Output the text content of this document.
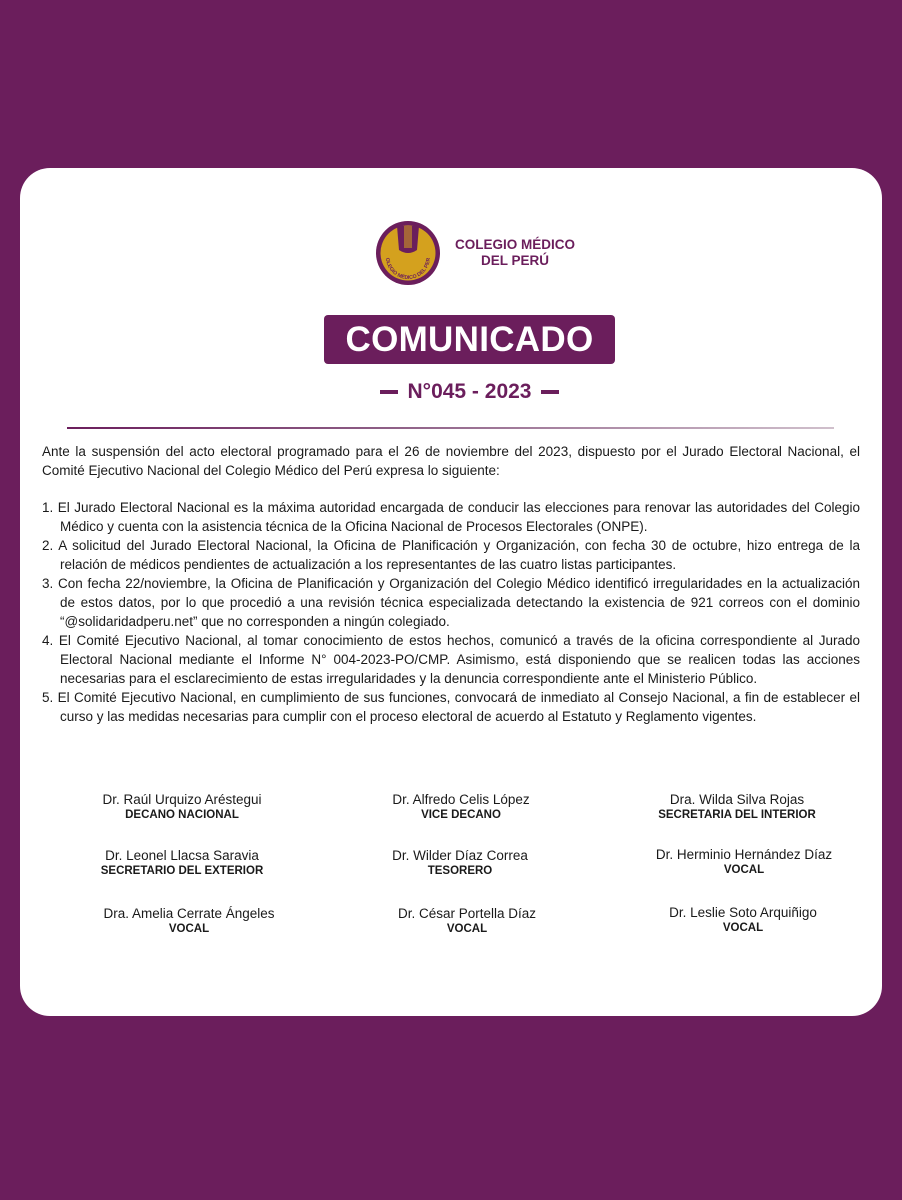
OLEGIO MÉDICO DEL PER
COLEGIO MÉDICO
DEL PERÚ
COMUNICADO
N°045 - 2023

Ante la suspensión del acto electoral programado para el 26 de noviembre del 2023, dispuesto por el Jurado Electoral Nacional, el Comité Ejecutivo Nacional del Colegio Médico del Perú expresa lo siguiente:

1. El Jurado Electoral Nacional es la máxima autoridad encargada de conducir las elecciones para renovar las autoridades del Colegio Médico y cuenta con la asistencia técnica de la Oficina Nacional de Procesos Electorales (ONPE).
2. A solicitud del Jurado Electoral Nacional, la Oficina de Planificación y Organización, con fecha 30 de octubre, hizo entrega de la relación de médicos pendientes de actualización a los representantes de las cuatro listas participantes.
3. Con fecha 22/noviembre, la Oficina de Planificación y Organización del Colegio Médico identificó irregularidades en la actualización de estos datos, por lo que procedió a una revisión técnica especializada detectando la existencia de 921 correos con el dominio “@solidaridadperu.net” que no corresponden a ningún colegiado.
4. El Comité Ejecutivo Nacional, al tomar conocimiento de estos hechos, comunicó a través de la oficina correspondiente al Jurado Electoral Nacional mediante el Informe N° 004-2023-PO/CMP. Asimismo, está disponiendo que se realicen todas las acciones necesarias para el esclarecimiento de estas irregularidades y la denuncia correspondiente ante el Ministerio Público.
5. El Comité Ejecutivo Nacional, en cumplimiento de sus funciones, convocará de inmediato al Consejo Nacional, a fin de establecer el curso y las medidas necesarias para cumplir con el proceso electoral de acuerdo al Estatuto y Reglamento vigentes.
Dr. Raúl Urquizo Aréstegui
DECANO NACIONAL
Dr. Alfredo Celis López
VICE DECANO
Dra. Wilda Silva Rojas
SECRETARIA DEL INTERIOR
Dr. Leonel Llacsa Saravia
SECRETARIO DEL EXTERIOR
Dr. Wilder Díaz Correa
TESORERO
Dr. Herminio Hernández Díaz
VOCAL
Dra. Amelia Cerrate Ángeles
VOCAL
Dr. César Portella Díaz
VOCAL
Dr. Leslie Soto Arquiñigo
VOCAL
